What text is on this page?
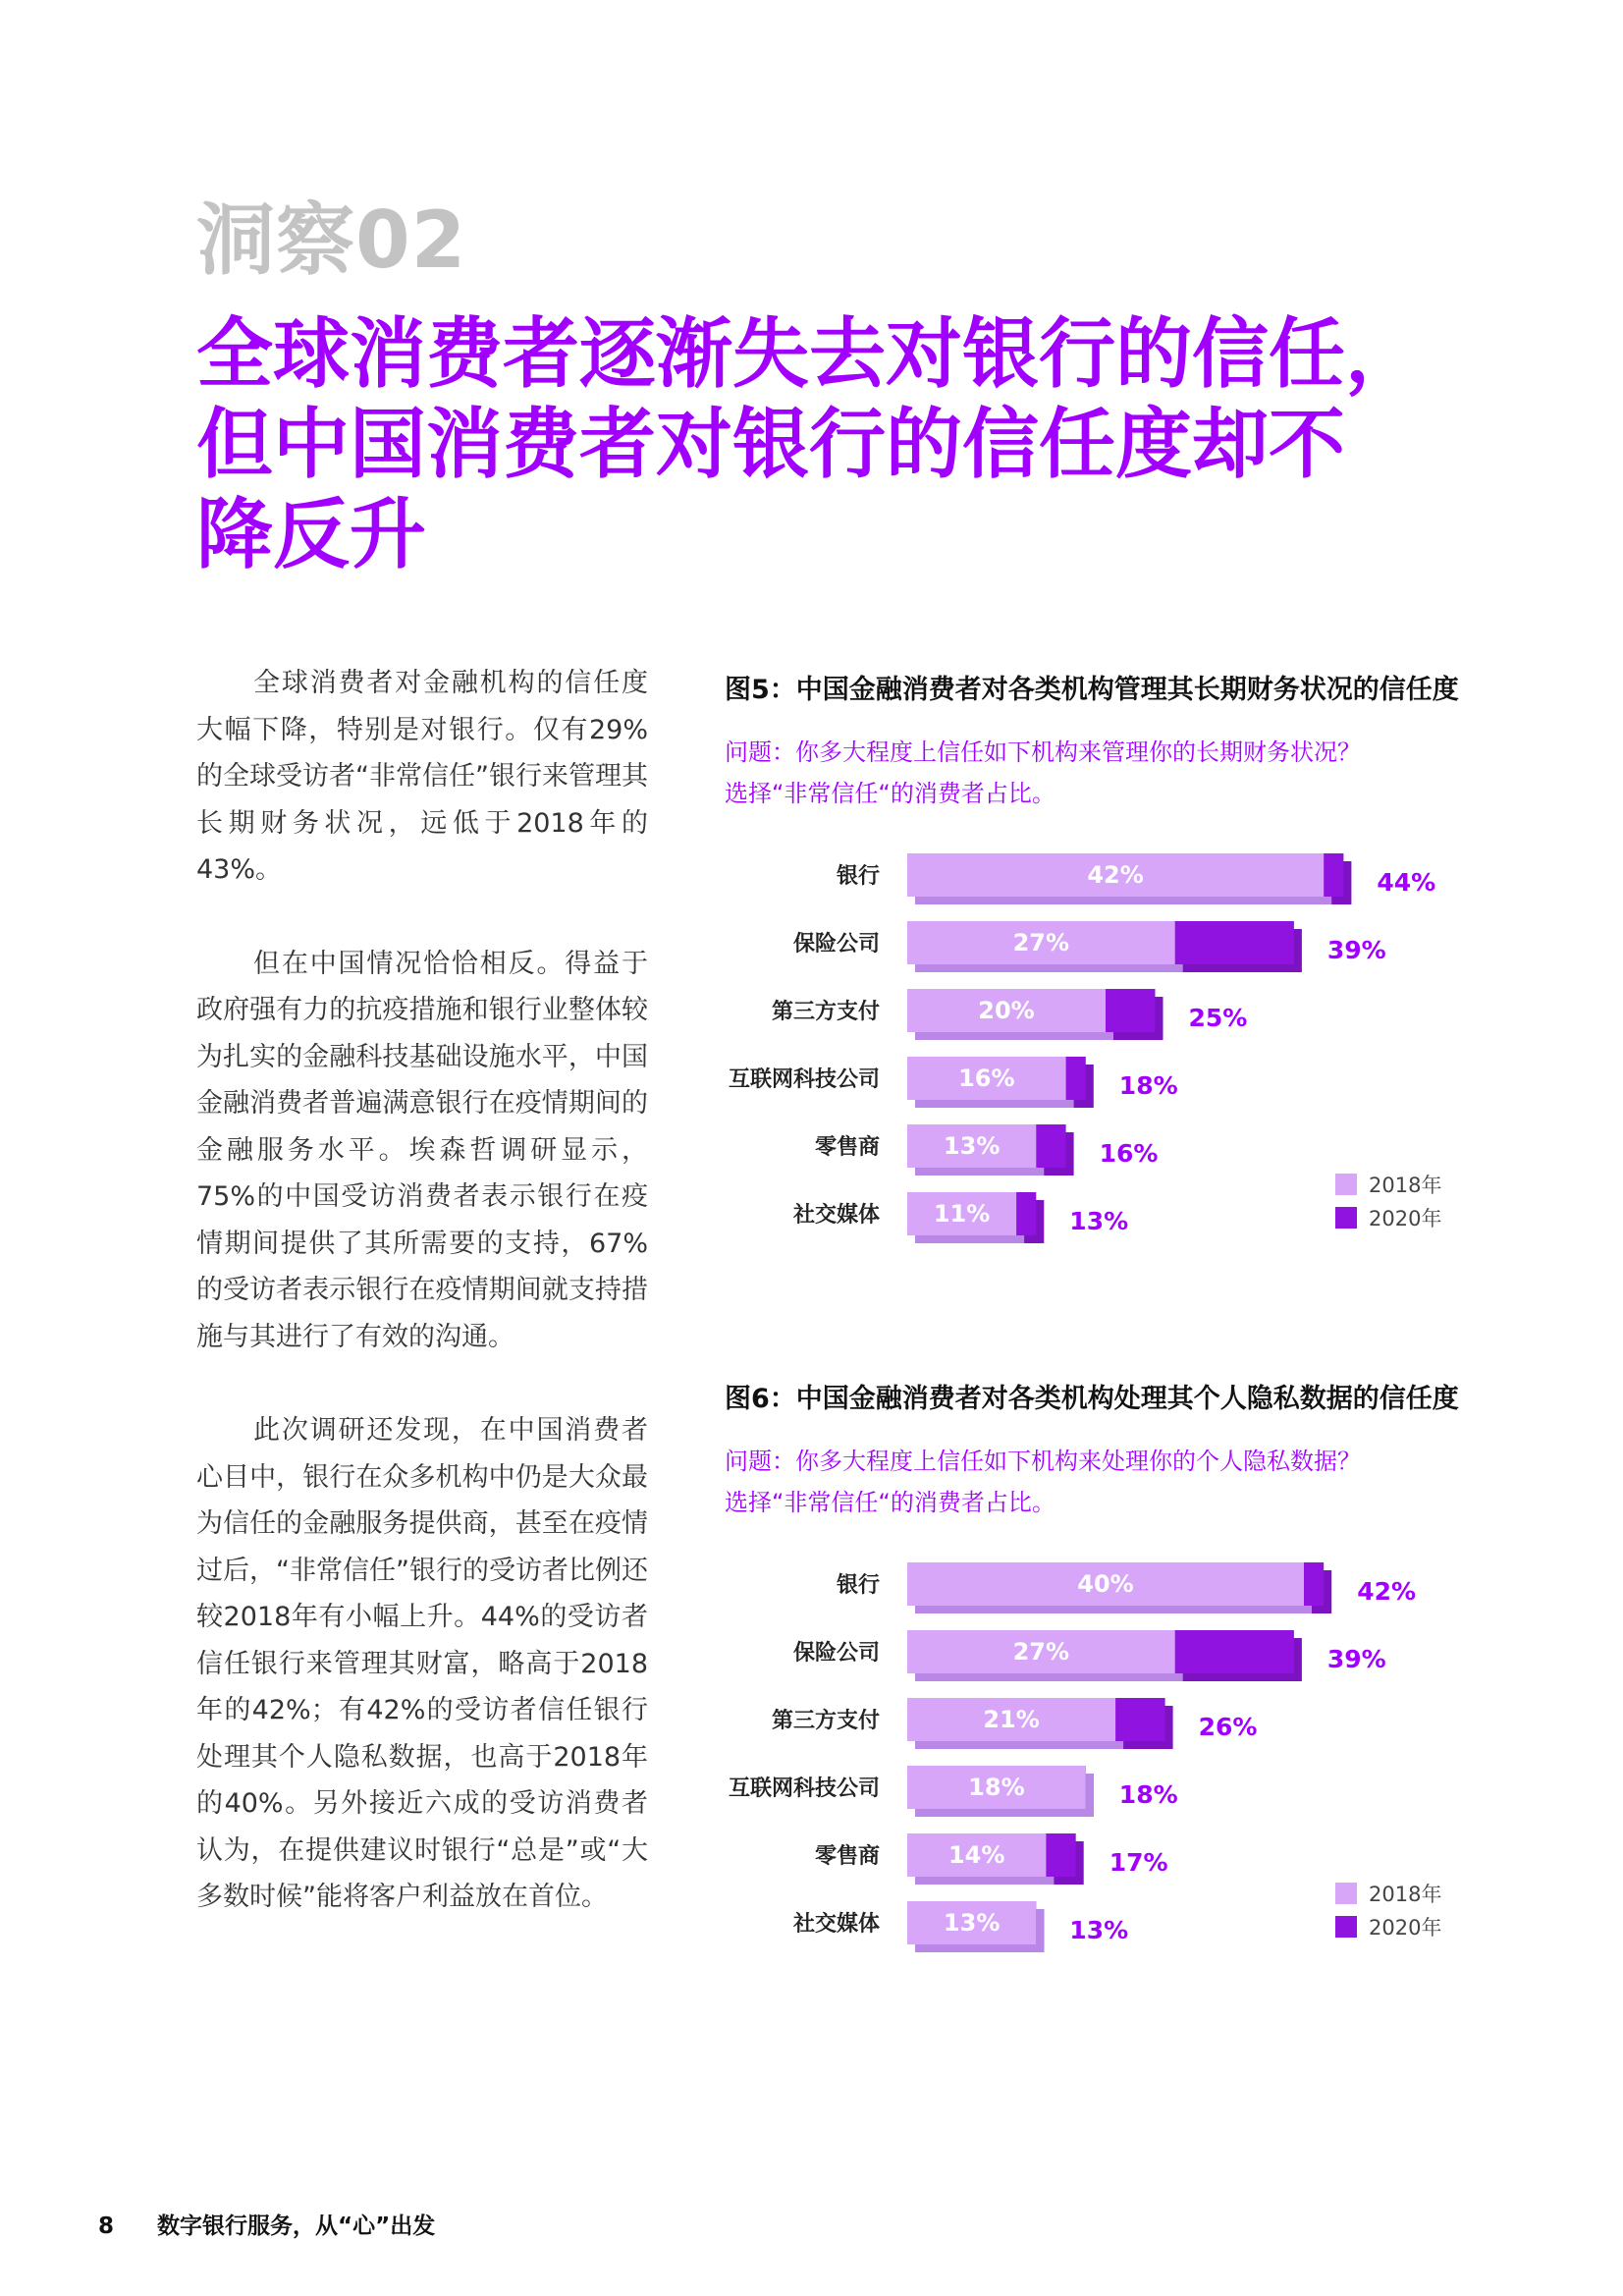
洞察02
全球消费者逐渐失去对银行的信任，
但中国消费者对银行的信任度却不
降反升

全球消费者对金融机构的信任度大幅下降，特别是对银行。仅有29%的全球受访者“非常信任”银行来管理其长期财务状况，远低于2018年的43%。

但在中国情况恰恰相反。得益于政府强有力的抗疫措施和银行业整体较为扎实的金融科技基础设施水平，中国金融消费者普遍满意银行在疫情期间的金融服务水平。埃森哲调研显示，75%的中国受访消费者表示银行在疫情期间提供了其所需要的支持，67%的受访者表示银行在疫情期间就支持措施与其进行了有效的沟通。

此次调研还发现，在中国消费者心目中，银行在众多机构中仍是大众最为信任的金融服务提供商，甚至在疫情过后，“非常信任”银行的受访者比例还较2018年有小幅上升。44%的受访者信任银行来管理其财富，略高于2018年的42%；有42%的受访者信任银行处理其个人隐私数据，也高于2018年的40%。另外接近六成的受访消费者认为，在提供建议时银行“总是”或“大多数时候”能将客户利益放在首位。

图5：中国金融消费者对各类机构管理其长期财务状况的信任度
问题：你多大程度上信任如下机构来管理你的长期财务状况？
选择“非常信任“的消费者占比。
银行	42%	44%
保险公司	27%	39%
第三方支付	20%	25%
互联网科技公司	16%	18%
零售商	13%	16%
社交媒体 11%	13%
2018年
2020年
图6：中国金融消费者对各类机构处理其个人隐私数据的信任度
问题：你多大程度上信任如下机构来处理你的个人隐私数据？
选择“非常信任“的消费者占比。
银行	40%	42%
保险公司	27%	39%
第三方支付	21%	26%
互联网科技公司	18%	18%
零售商	14%	17%
社交媒体	13%	13%
2018年
2020年
8 数字银行服务，从“心”出发
